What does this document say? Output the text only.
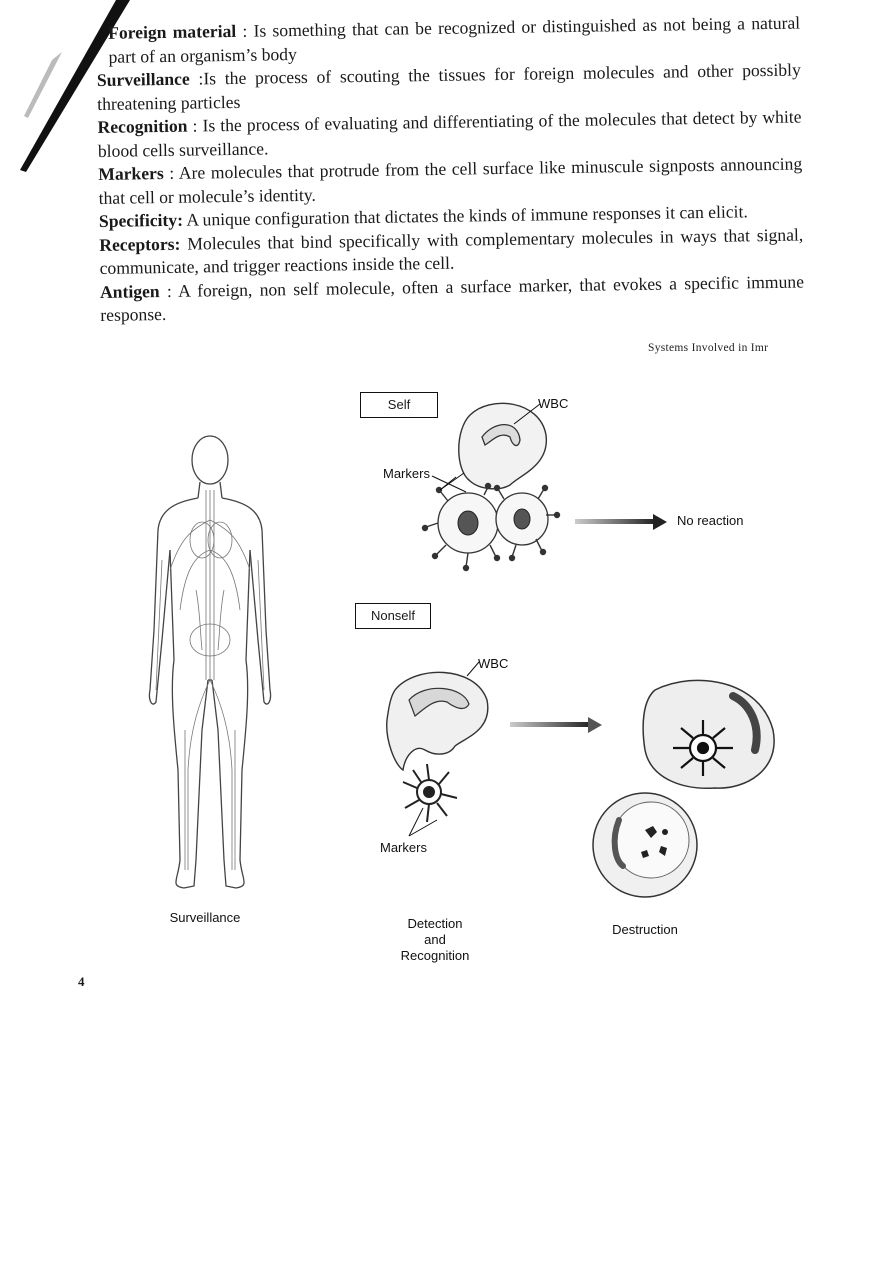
Foreign material : Is something that can be recognized or distinguished as not being a natural part of an organism’s body

Surveillance :Is the process of scouting the tissues for foreign molecules and other possibly threatening particles

Recognition : Is the process of evaluating and differentiating of the molecules that detect by white blood cells surveillance.

Markers : Are molecules that protrude from the cell surface like minuscule signposts announcing that cell or molecule’s identity.

Specificity: A unique configuration that dictates the kinds of immune responses it can elicit.

Receptors: Molecules that bind specifically with complementary molecules in ways that signal, communicate, and trigger reactions inside the cell.

Antigen : A foreign, non self molecule, often a surface marker, that evokes a specific immune response.

Systems Involved in Imr
Surveillance
Self	WBC
Markers
No reaction
Nonself
WBC
Markers
Detection
and
Recognition
Destruction
4
